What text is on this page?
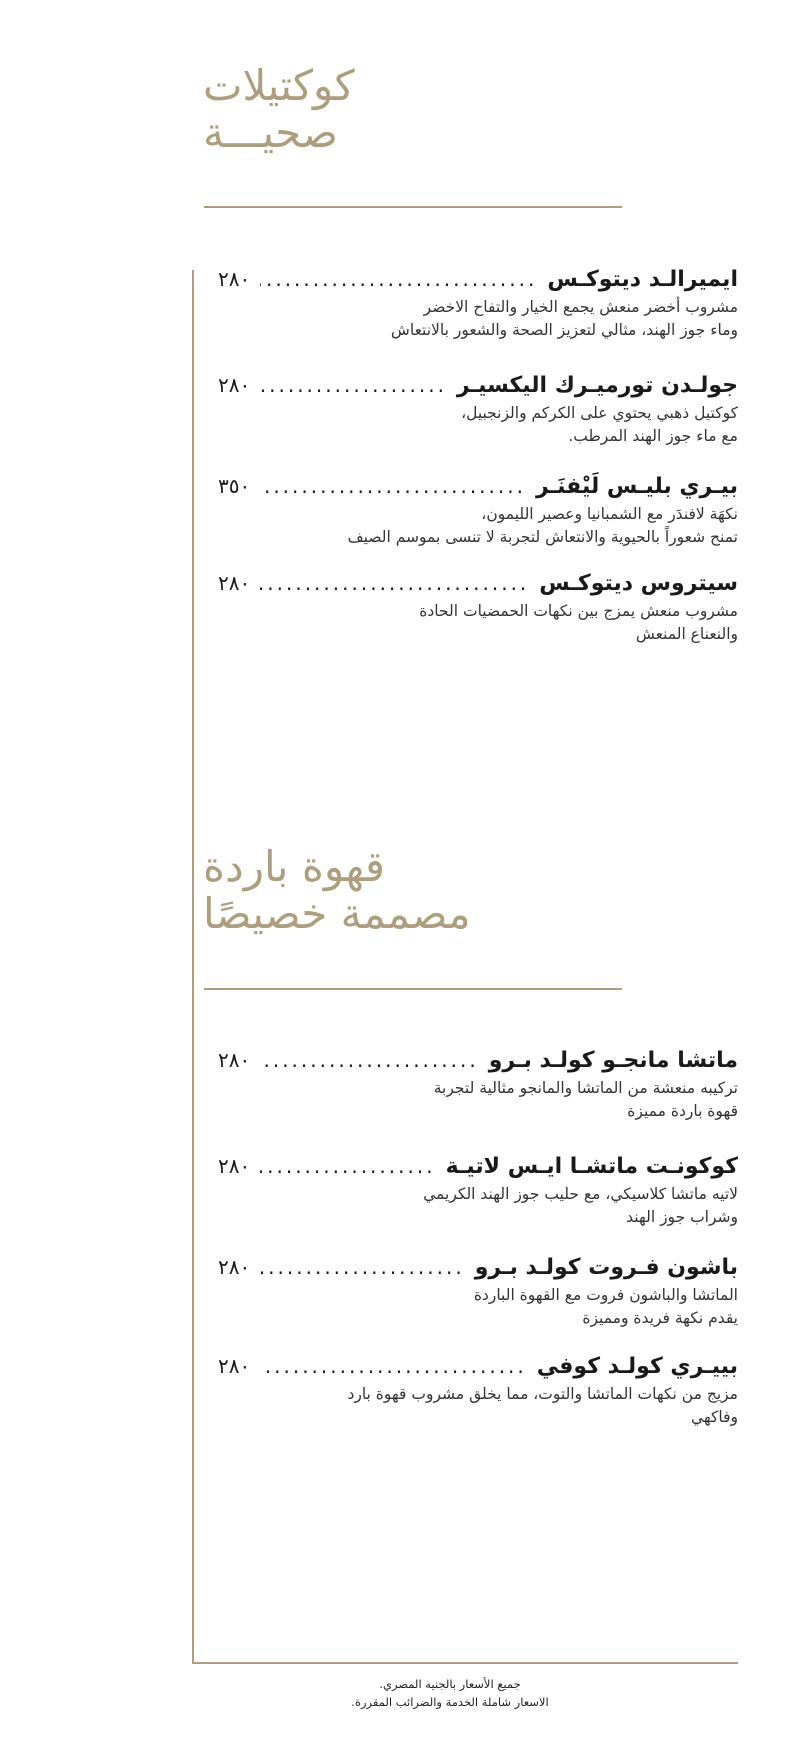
كوكتيلات
صحيـــة
ايميرالـد ديتوكـس
.....
٢٨٠
مشروب أخضر منعش يجمع الخيار والتفاح الاخضر
وماء جوز الهند، مثالي لتعزيز الصحة والشعور بالانتعاش
جولـدن تورميـرك اليكسيـر
.....
٢٨٠
كوكتيل ذهبي يحتوي على الكركم والزنجبيل،
مع ماء جوز الهند المرطب.
بيـري بليـس لَيْفنَـر
.....
٣٥٠
نكهَة لافندَر مع الشمبانيا وعصير الليمون،
تمنح شعوراً بالحيوية والانتعاش لتجربة لا تنسى بموسم الصيف
سيتروس ديتوكـس
.....
٢٨٠
مشروب منعش يمزج بين نكهات الحمضيات الحادة
والنعناع المنعش
قهوة باردة
مصممة خصيصًا
ماتشا مانجـو كولـد بـرو
.....
٢٨٠
تركيبه منعشة من الماتشا والمانجو مثالية لتجربة
قهوة باردة مميزة
كوكونـت ماتشـا ايـس لاتيـة
.....
٢٨٠
لاتيه ماتشا كلاسيكي، مع حليب جوز الهند الكريمي
وشراب جوز الهند
باشون فـروت كولـد بـرو
.....
٢٨٠
الماتشا والباشون فروت مع القهوة الباردة
يقدم نكهة فريدة ومميزة
بييـري كولـد كوفي
.....
٢٨٠
مزيج من نكهات الماتشا والتوت، مما يخلق مشروب قهوة بارد
وفاكهي
جميع الأسعار بالجنيه المصري.
الاسعار شاملة الخدمة والضرائب المقررة.
